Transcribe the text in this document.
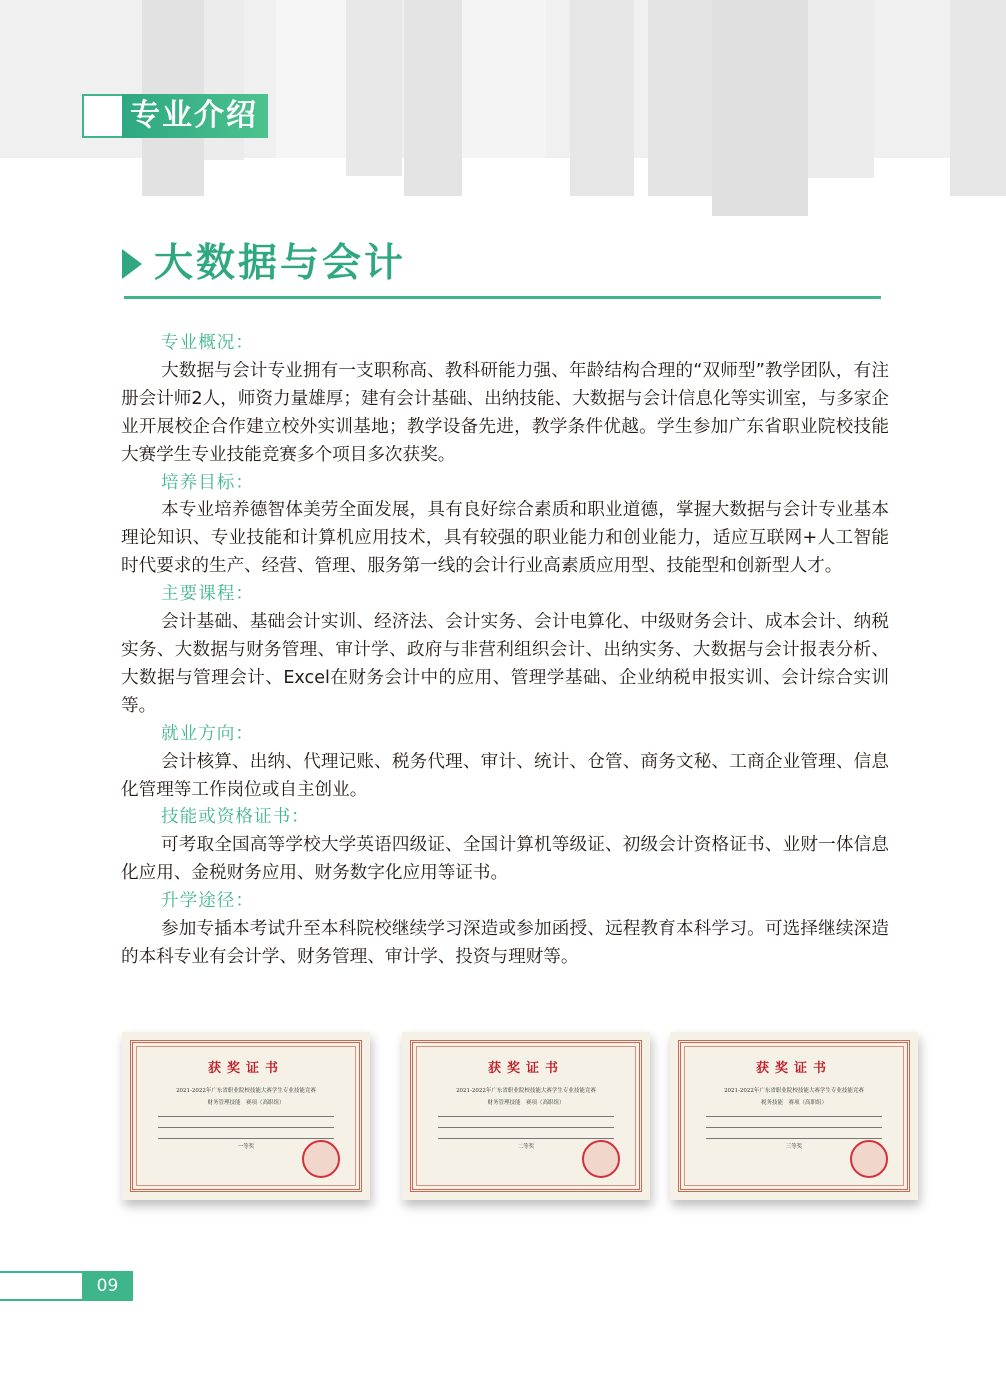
专业介绍
大数据与会计
专业概况：

大数据与会计专业拥有一支职称高、教科研能力强、年龄结构合理的“双师型”教学团队，有注册会计师2人，师资力量雄厚；建有会计基础、出纳技能、大数据与会计信息化等实训室，与多家企业开展校企合作建立校外实训基地；教学设备先进，教学条件优越。学生参加广东省职业院校技能大赛学生专业技能竞赛多个项目多次获奖。

培养目标：

本专业培养德智体美劳全面发展，具有良好综合素质和职业道德，掌握大数据与会计专业基本理论知识、专业技能和计算机应用技术，具有较强的职业能力和创业能力，适应互联网+人工智能时代要求的生产、经营、管理、服务第一线的会计行业高素质应用型、技能型和创新型人才。

主要课程：

会计基础、基础会计实训、经济法、会计实务、会计电算化、中级财务会计、成本会计、纳税实务、大数据与财务管理、审计学、政府与非营利组织会计、出纳实务、大数据与会计报表分析、大数据与管理会计、Excel在财务会计中的应用、管理学基础、企业纳税申报实训、会计综合实训等。

就业方向：

会计核算、出纳、代理记账、税务代理、审计、统计、仓管、商务文秘、工商企业管理、信息化管理等工作岗位或自主创业。

技能或资格证书：

可考取全国高等学校大学英语四级证、全国计算机等级证、初级会计资格证书、业财一体信息化应用、金税财务应用、财务数字化应用等证书。

升学途径：

参加专插本考试升至本科院校继续学习深造或参加函授、远程教育本科学习。可选择继续深造的本科专业有会计学、财务管理、审计学、投资与理财等。

获奖证书
2021-2022年广东省职业院校技能大赛学生专业技能竞赛
财务管理技能　赛项（高职组）
一等奖
获奖证书
2021-2022年广东省职业院校技能大赛学生专业技能竞赛
财务管理技能　赛项（高职组）
二等奖
获奖证书
2021-2022年广东省职业院校技能大赛学生专业技能竞赛
税务技能　赛项（高职组）
三等奖
09
